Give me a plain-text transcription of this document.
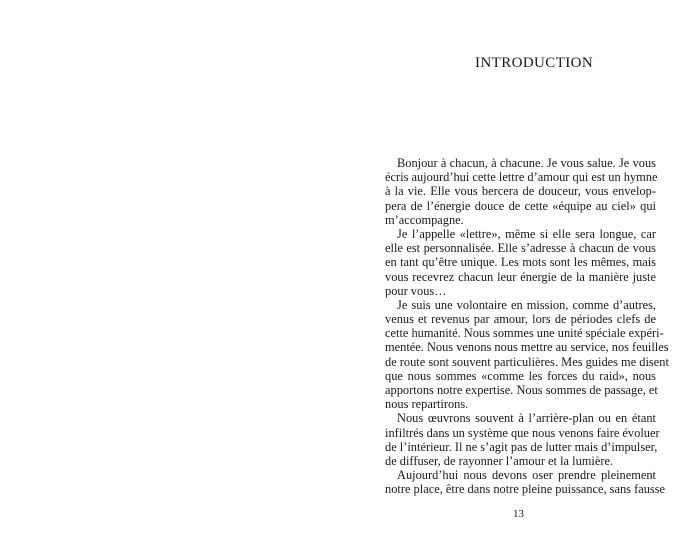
INTRODUCTION
Bonjour à chacun, à chacune. Je vous salue. Je vous
écris aujourd’hui cette lettre d’amour qui est un hymne
à la vie. Elle vous bercera de douceur, vous envelop-
pera de l’énergie douce de cette «équipe au ciel» qui
m’accompagne.
Je l’appelle «lettre», même si elle sera longue, car
elle est personnalisée. Elle s’adresse à chacun de vous
en tant qu’être unique. Les mots sont les mêmes, mais
vous recevrez chacun leur énergie de la manière juste
pour vous…
Je suis une volontaire en mission, comme d’autres,
venus et revenus par amour, lors de périodes clefs de
cette humanité. Nous sommes une unité spéciale expéri-
mentée. Nous venons nous mettre au service, nos feuilles
de route sont souvent particulières. Mes guides me disent
que nous sommes «comme les forces du raid», nous
apportons notre expertise. Nous sommes de passage, et
nous repartirons.
Nous œuvrons souvent à l’arrière-plan ou en étant
infiltrés dans un système que nous venons faire évoluer
de l’intérieur. Il ne s’agit pas de lutter mais d’impulser,
de diffuser, de rayonner l’amour et la lumière.
Aujourd’hui nous devons oser prendre pleinement
notre place, être dans notre pleine puissance, sans fausse
13
